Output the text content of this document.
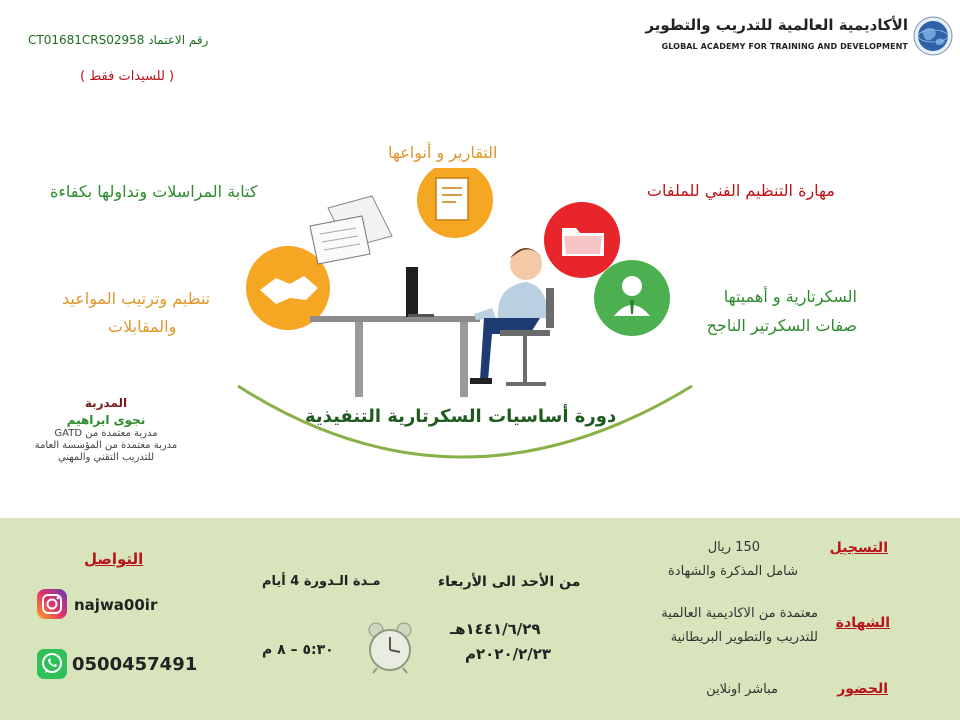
الأكاديمية العالمية للتدريب والتطوير
GLOBAL ACADEMY FOR TRAINING AND DEVELOPMENT
رقم الاعتماد CT01681CRS02958
( للسيدات فقط )
التقارير و أنواعها
مهارة التنظيم الفني للملفات
كتابة المراسلات وتداولها بكفاءة
السكرتارية و أهميتها
صفات السكرتير الناجح
تنظيم وترتيب المواعيد
والمقابلات
دورة أساسيات السكرتارية التنفيذية
المدربة
نجوى ابراهيم
مدربة معتمدة من GATD
مدربة معتمدة من المؤسسة العامة
للتدريب التقني والمهني
التسجيل
150 ريال
شامل المذكرة والشهادة
الشهادة
معتمدة من الاكاديمية العالمية
للتدريب والتطوير البريطانية
الحضور
مباشر اونلاين
من الأحد الى الأربعاء
١٤٤١/٦/٢٩هـ
٢٠٢٠/٢/٢٣م
مـدة الـدورة 4 أيام
٥:٣٠ – ٨ م
التواصل
najwa00ir
0500457491
